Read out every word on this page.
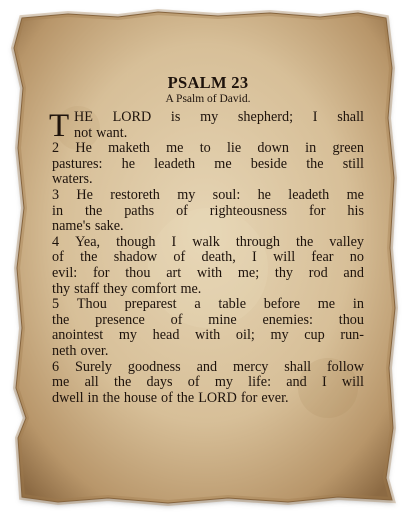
PSALM 23
A Psalm of David.
T HE LORD is my shepherd; I shall
not want.
2 He maketh me to lie down in green
pastures: he leadeth me beside the still
waters.
3 He restoreth my soul: he leadeth me
in the paths of righteousness for his
name's sake.
4 Yea, though I walk through the valley
of the shadow of death, I will fear no
evil: for thou art with me; thy rod and
thy staff they comfort me.
5 Thou preparest a table before me in
the presence of mine enemies: thou
anointest my head with oil; my cup run-
neth over.
6 Surely goodness and mercy shall follow
me all the days of my life: and I will
dwell in the house of the LORD for ever.
